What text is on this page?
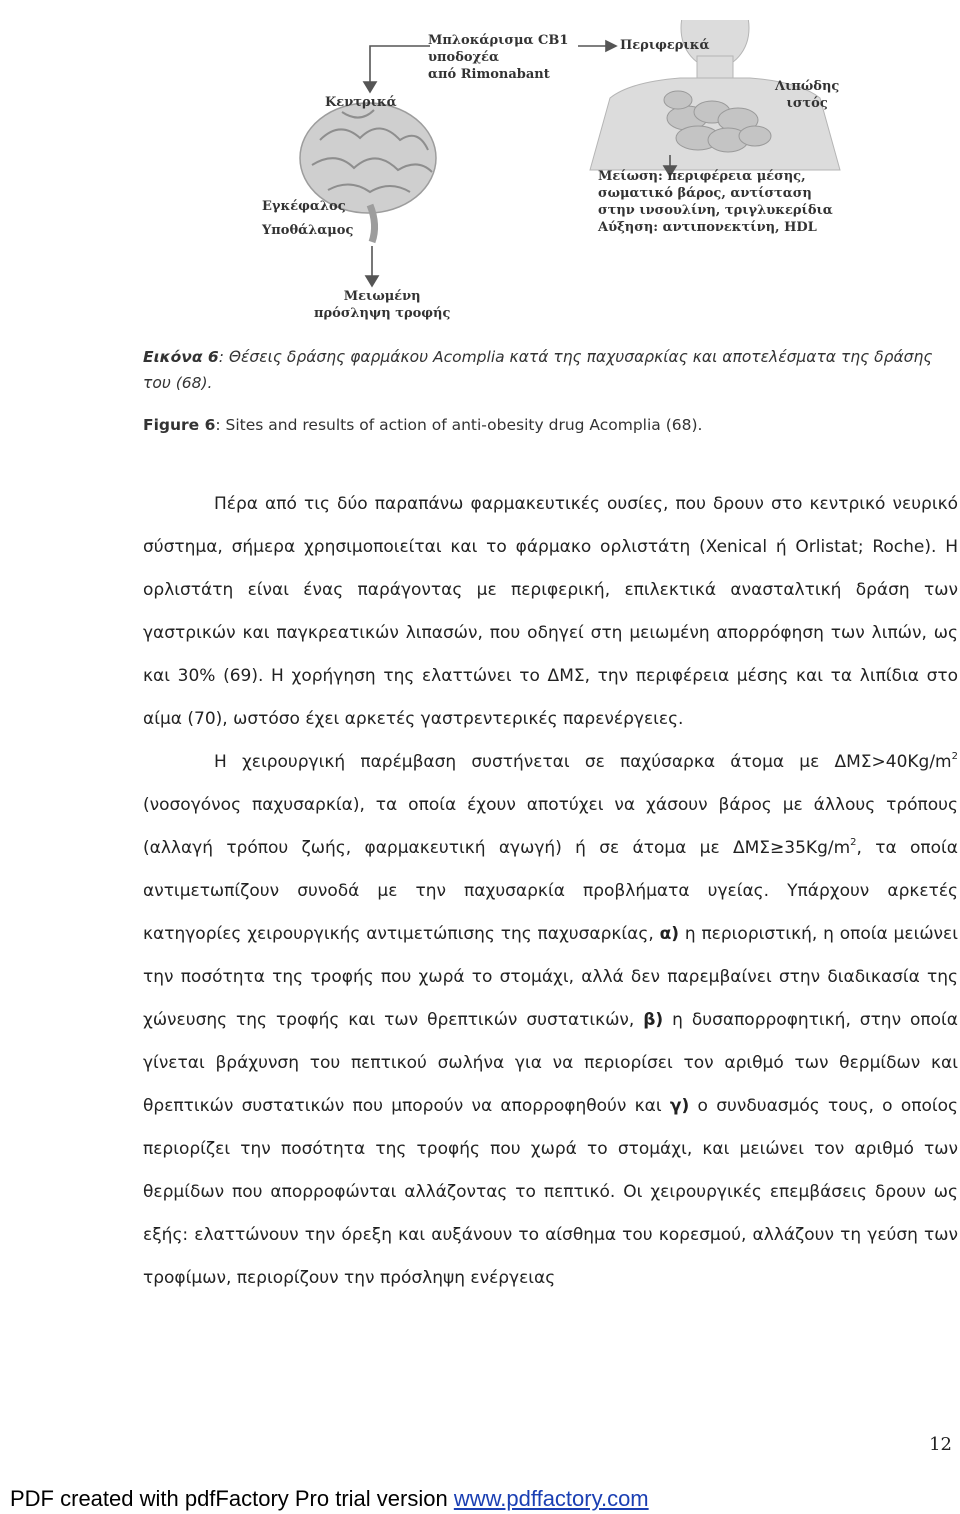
Μπλοκάρισμα CB1
υποδοχέα
από Rimonabant
Περιφερικά
Κεντρικά
Λιπώδης
ιστός
Εγκέφαλος
Υποθάλαμος
Μειωμένη
πρόσληψη τροφής
Μείωση: περιφέρεια μέσης,
σωματικό βάρος, αντίσταση
στην ινσουλίνη, τριγλυκερίδια
Αύξηση: αντιπονεκτίνη, HDL
Εικόνα 6: Θέσεις δράσης φαρμάκου Acomplia κατά της παχυσαρκίας και αποτελέσματα της δράσης του (68).
Figure 6: Sites and results of action of anti-obesity drug Acomplia (68).

Πέρα από τις δύο παραπάνω φαρμακευτικές ουσίες, που δρουν στο κεντρικό νευρικό σύστημα, σήμερα χρησιμοποιείται και το φάρμακο ορλιστάτη (Xenical ή Orlistat; Roche). Η ορλιστάτη είναι ένας παράγοντας με περιφερική, επιλεκτικά ανασταλτική δράση των γαστρικών και παγκρεατικών λιπασών, που οδηγεί στη μειωμένη απορρόφηση των λιπών, ως και 30% (69). Η χορήγηση της ελαττώνει το ΔΜΣ, την περιφέρεια μέσης και τα λιπίδια στο αίμα (70), ωστόσο έχει αρκετές γαστρεντερικές παρενέργειες.

Η χειρουργική παρέμβαση συστήνεται σε παχύσαρκα άτομα με $\Delta M\Sigma>40Kg/m^2$ (νοσογόνος παχυσαρκία), τα οποία έχουν αποτύχει να χάσουν βάρος με άλλους τρόπους (αλλαγή τρόπου ζωής, φαρμακευτική αγωγή) ή σε άτομα με $\Delta M\Sigma\ge 35Kg/m^2$, τα οποία αντιμετωπίζουν συνοδά με την παχυσαρκία προβλήματα υγείας. Υπάρχουν αρκετές κατηγορίες χειρουργικής αντιμετώπισης της παχυσαρκίας, α) η περιοριστική, η οποία μειώνει την ποσότητα της τροφής που χωρά το στομάχι, αλλά δεν παρεμβαίνει στην διαδικασία της χώνευσης της τροφής και των θρεπτικών συστατικών, β) η δυσαπορροφητική, στην οποία γίνεται βράχυνση του πεπτικού σωλήνα για να περιορίσει τον αριθμό των θερμίδων και θρεπτικών συστατικών που μπορούν να απορροφηθούν και γ) ο συνδυασμός τους, ο οποίος περιορίζει την ποσότητα της τροφής που χωρά το στομάχι, και μειώνει τον αριθμό των θερμίδων που απορροφώνται αλλάζοντας το πεπτικό. Οι χειρουργικές επεμβάσεις δρουν ως εξής: ελαττώνουν την όρεξη και αυξάνουν το αίσθημα του κορεσμού, αλλάζουν τη γεύση των τροφίμων, περιορίζουν την πρόσληψη ενέργειας

12
PDF created with pdfFactory Pro trial version www.pdffactory.com
